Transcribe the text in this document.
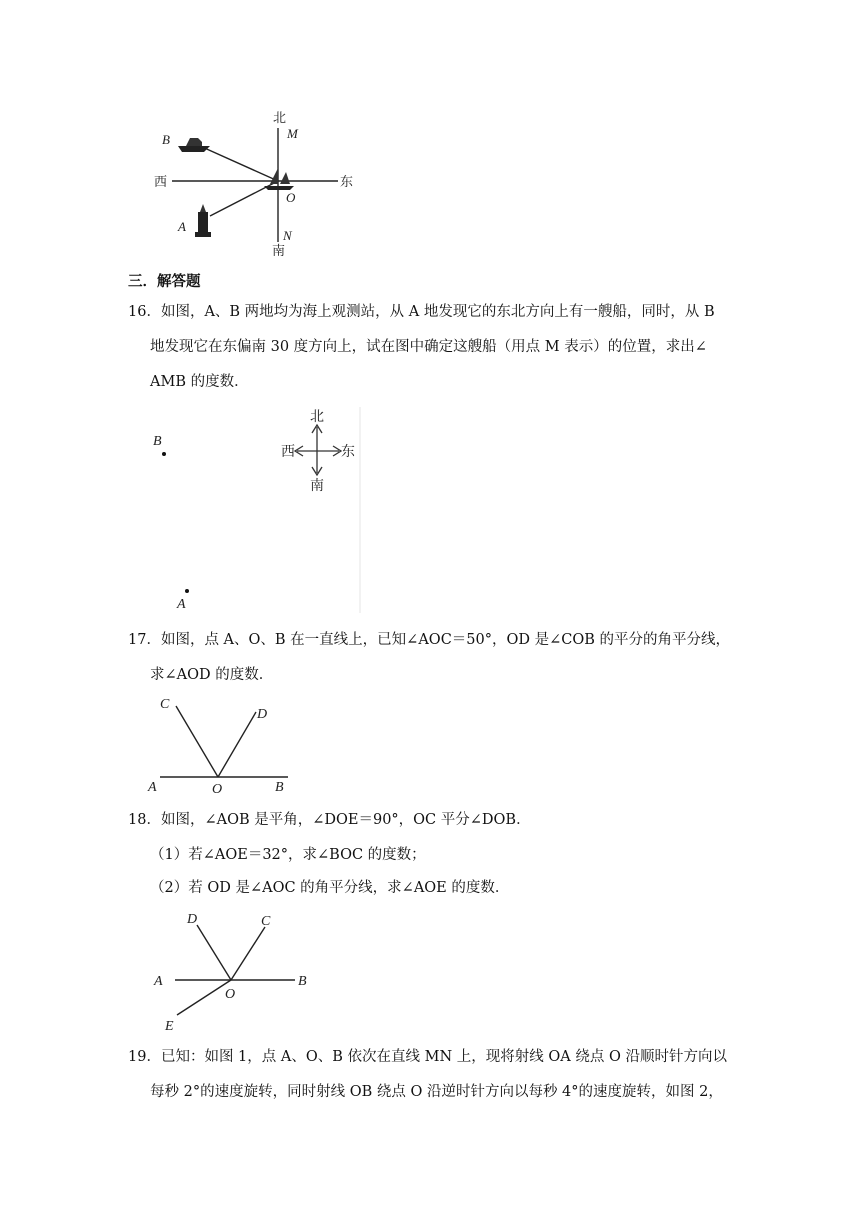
北
M
B
西	东
O
A
N
南
三．解答题
16．如图，A、B 两地均为海上观测站，从 A 地发现它的东北方向上有一艘船，同时，从 B
地发现它在东偏南 30 度方向上，试在图中确定这艘船（用点 M 表示）的位置，求出∠
AMB 的度数．
B
A
北
西	东
南
17．如图，点 A、O、B 在一直线上，已知∠AOC＝50°，OD 是∠COB 的平分的角平分线，
求∠AOD 的度数．
C
D
A	O	B
18．如图，∠AOB 是平角，∠DOE＝90°，OC 平分∠DOB．
（1）若∠AOE＝32°，求∠BOC 的度数；
（2）若 OD 是∠AOC 的角平分线，求∠AOE 的度数．
D	C
A
O
B
E
19．已知：如图 1，点 A、O、B 依次在直线 MN 上，现将射线 OA 绕点 O 沿顺时针方向以
每秒 2°的速度旋转，同时射线 OB 绕点 O 沿逆时针方向以每秒 4°的速度旋转，如图 2，
